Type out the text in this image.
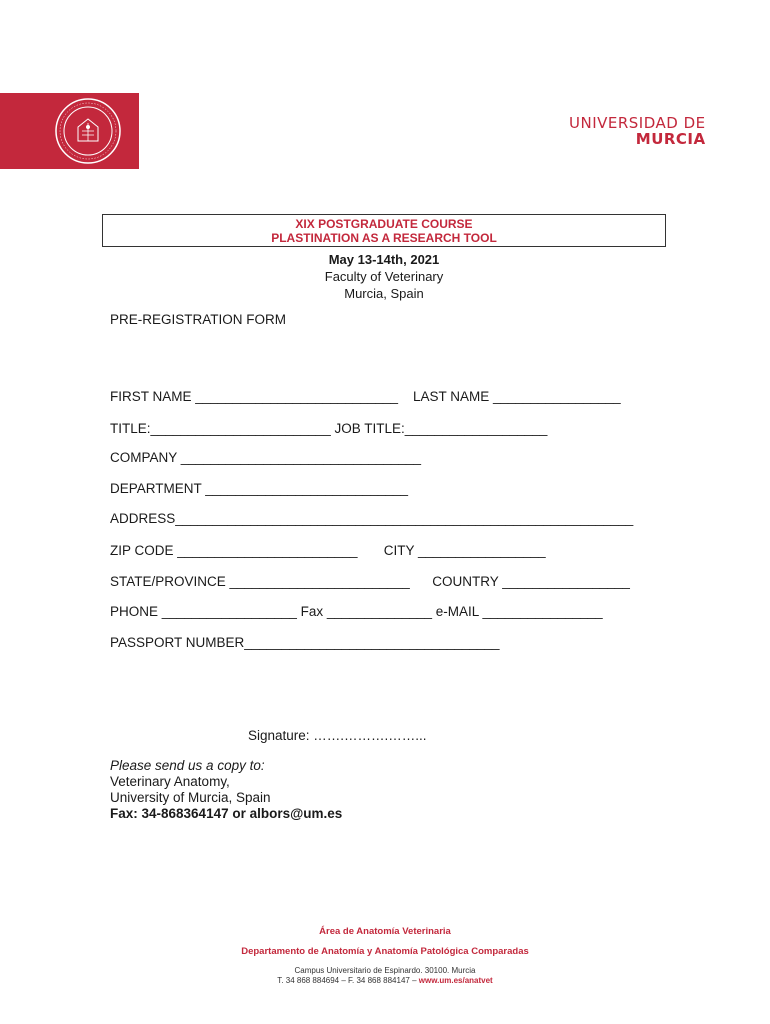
UNIVERSIDAD DE
MURCIA
XIX POSTGRADUATE COURSE
PLASTINATION AS A RESEARCH TOOL
May 13-14th, 2021
Faculty of Veterinary
Murcia, Spain
PRE-REGISTRATION FORM
FIRST NAME ___________________________    LAST NAME _________________
TITLE:________________________ JOB TITLE:___________________
COMPANY ________________________________
DEPARTMENT ___________________________
ADDRESS_____________________________________________________________
ZIP CODE ________________________       CITY _________________
STATE/PROVINCE ________________________      COUNTRY _________________
PHONE __________________ Fax ______________ e-MAIL ________________
PASSPORT NUMBER__________________________________
Signature: …….……….……...
Please send us a copy to:
Veterinary Anatomy,
University of Murcia, Spain
Fax: 34-868364147 or albors@um.es
Área de Anatomía Veterinaria
Departamento de Anatomía y Anatomía Patológica Comparadas
Campus Universitario de Espinardo. 30100. Murcia
T. 34 868 884694 – F. 34 868 884147 – www.um.es/anatvet
